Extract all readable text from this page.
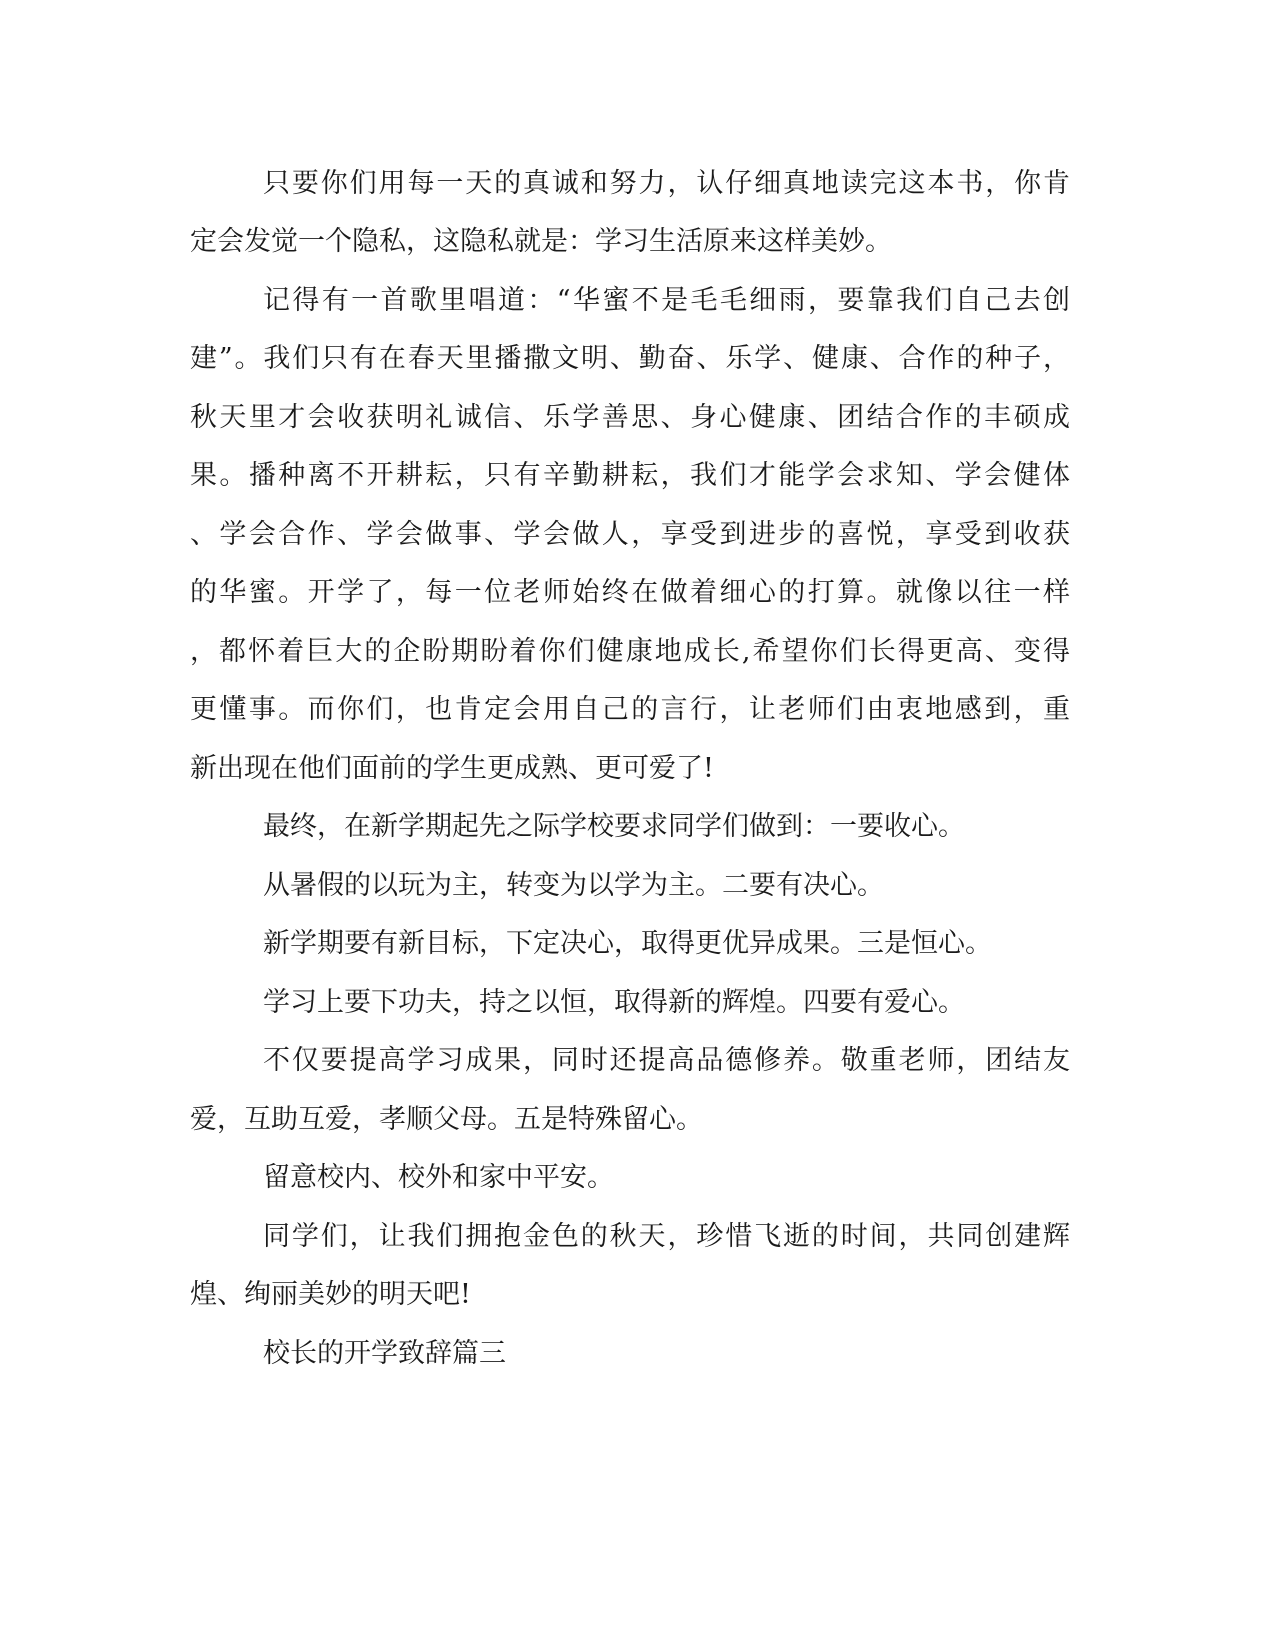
只要你们用每一天的真诚和努力，认仔细真地读完这本书，你肯
定会发觉一个隐私，这隐私就是：学习生活原来这样美妙。
记得有一首歌里唱道：“华蜜不是毛毛细雨，要靠我们自己去创
建”。我们只有在春天里播撒文明、勤奋、乐学、健康、合作的种子，
秋天里才会收获明礼诚信、乐学善思、身心健康、团结合作的丰硕成
果。播种离不开耕耘，只有辛勤耕耘，我们才能学会求知、学会健体
、学会合作、学会做事、学会做人，享受到进步的喜悦，享受到收获
的华蜜。开学了，每一位老师始终在做着细心的打算。就像以往一样
，都怀着巨大的企盼期盼着你们健康地成长,希望你们长得更高、变得
更懂事。而你们，也肯定会用自己的言行，让老师们由衷地感到，重
新出现在他们面前的学生更成熟、更可爱了!
最终，在新学期起先之际学校要求同学们做到：一要收心。
从暑假的以玩为主，转变为以学为主。二要有决心。
新学期要有新目标，下定决心，取得更优异成果。三是恒心。
学习上要下功夫，持之以恒，取得新的辉煌。四要有爱心。
不仅要提高学习成果，同时还提高品德修养。敬重老师，团结友
爱，互助互爱，孝顺父母。五是特殊留心。
留意校内、校外和家中平安。
同学们，让我们拥抱金色的秋天，珍惜飞逝的时间，共同创建辉
煌、绚丽美妙的明天吧!
校长的开学致辞篇三
